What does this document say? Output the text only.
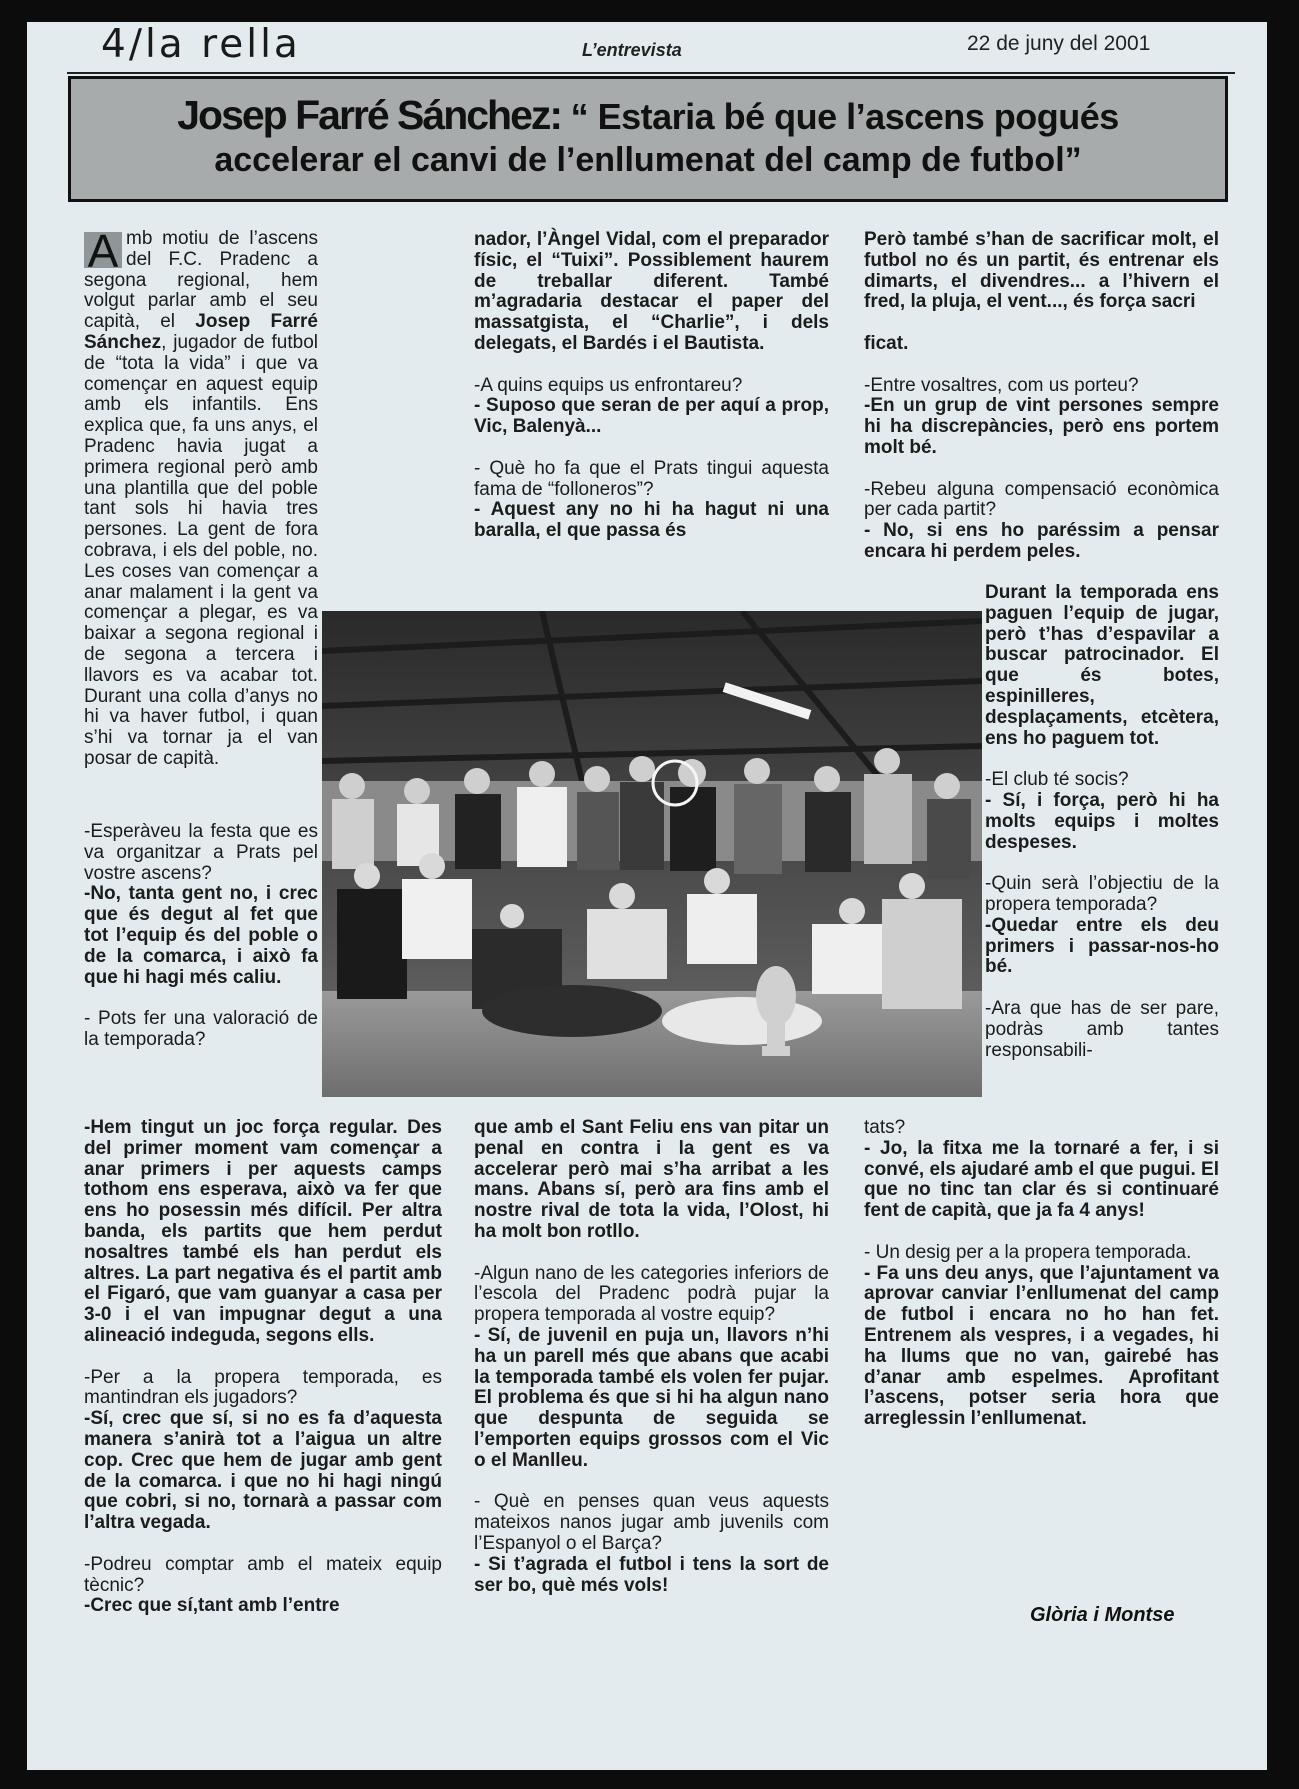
4/la rella	L’entrevista	22 de juny del 2001
Josep Farré Sánchez: “ Estaria bé que l’ascens pogués
accelerar el canvi de l’enllumenat del camp de futbol”

A mb motiu de l’ascens del F.C. Pradenc a segona regional, hem volgut parlar amb el seu capità, el Josep Farré Sánchez, jugador de futbol de “tota la vida” i que va començar en aquest equip amb els infantils. Ens explica que, fa uns anys, el Pradenc havia jugat a primera regional però amb una plantilla que del poble tant sols hi havia tres persones. La gent de fora cobrava, i els del poble, no. Les coses van començar a anar malament i la gent va començar a plegar, es va baixar a segona regional i de segona a tercera i llavors es va acabar tot. Durant una colla d’anys no hi va haver futbol, i quan s’hi va tornar ja el van posar de capità.

-Esperàveu la festa que es va organitzar a Prats pel vostre ascens?
-No, tanta gent no, i crec que és degut al fet que tot l’equip és del poble o de la comarca, i això fa que hi hagi més caliu.

- Pots fer una valoració de la temporada?

-Hem tingut un joc força regular. Des del primer moment vam començar a anar primers i per aquests camps tothom ens esperava, això va fer que ens ho posessin més difícil. Per altra banda, els partits que hem perdut nosaltres també els han perdut els altres. La part negativa és el partit amb el Figaró, que vam guanyar a casa per 3-0 i el van impugnar degut a una alineació indeguda, segons ells.

-Per a la propera temporada, es mantindran els jugadors?
-Sí, crec que sí, si no es fa d’aquesta manera s’anirà tot a l’aigua un altre cop. Crec que hem de jugar amb gent de la comarca. i que no hi hagi ningú que cobri, si no, tornarà a passar com l’altra vegada.

-Podreu comptar amb el mateix equip tècnic?
-Crec que sí,tant amb l’entre

nador, l’Àngel Vidal, com el preparador físic, el “Tuixi”. Possiblement haurem de treballar diferent. També m’agradaria destacar el paper del massatgista, el “Charlie”, i dels delegats, el Bardés i el Bautista.

-A quins equips us enfrontareu?
- Suposo que seran de per aquí a prop, Vic, Balenyà...

- Què ho fa que el Prats tingui aquesta fama de “folloneros”?
- Aquest any no hi ha hagut ni una baralla, el que passa és

que amb el Sant Feliu ens van pitar un penal en contra i la gent es va accelerar però mai s’ha arribat a les mans. Abans sí, però ara fins amb el nostre rival de tota la vida, l’Olost, hi ha molt bon rotllo.

-Algun nano de les categories inferiors de l’escola del Pradenc podrà pujar la propera temporada al vostre equip?
- Sí, de juvenil en puja un, llavors n’hi ha un parell més que abans que acabi la temporada també els volen fer pujar. El problema és que si hi ha algun nano que despunta de seguida se l’emporten equips grossos com el Vic o el Manlleu.

- Què en penses quan veus aquests mateixos nanos jugar amb juvenils com l’Espanyol o el Barça?
- Si t’agrada el futbol i tens la sort de ser bo, què més vols!

Però també s’han de sacrificar molt, el futbol no és un partit, és entrenar els dimarts, el divendres... a l’hivern el fred, la pluja, el vent..., és força sacri

ficat.

-Entre vosaltres, com us porteu?
-En un grup de vint persones sempre hi ha discrepàncies, però ens portem molt bé.

-Rebeu alguna compensació econòmica per cada partit?
- No, si ens ho paréssim a pensar encara hi perdem peles.

Durant la temporada ens paguen l’equip de jugar, però t’has d’espavilar a buscar patrocinador. El que és botes, espinilleres, desplaçaments, etcètera, ens ho paguem tot.

-El club té socis?
- Sí, i força, però hi ha molts equips i moltes despeses.

-Quin serà l’objectiu de la propera temporada?
-Quedar entre els deu primers i passar-nos-ho bé.

-Ara que has de ser pare, podràs amb tantes responsabili-

tats?
- Jo, la fitxa me la tornaré a fer, i si convé, els ajudaré amb el que pugui. El que no tinc tan clar és si continuaré fent de capità, que ja fa 4 anys!

- Un desig per a la propera temporada.
- Fa uns deu anys, que l’ajuntament va aprovar canviar l’enllumenat del camp de futbol i encara no ho han fet. Entrenem als vespres, i a vegades, hi ha llums que no van, gairebé has d’anar amb espelmes. Aprofitant l’ascens, potser seria hora que arreglessin l’enllumenat.

Glòria i Montse
